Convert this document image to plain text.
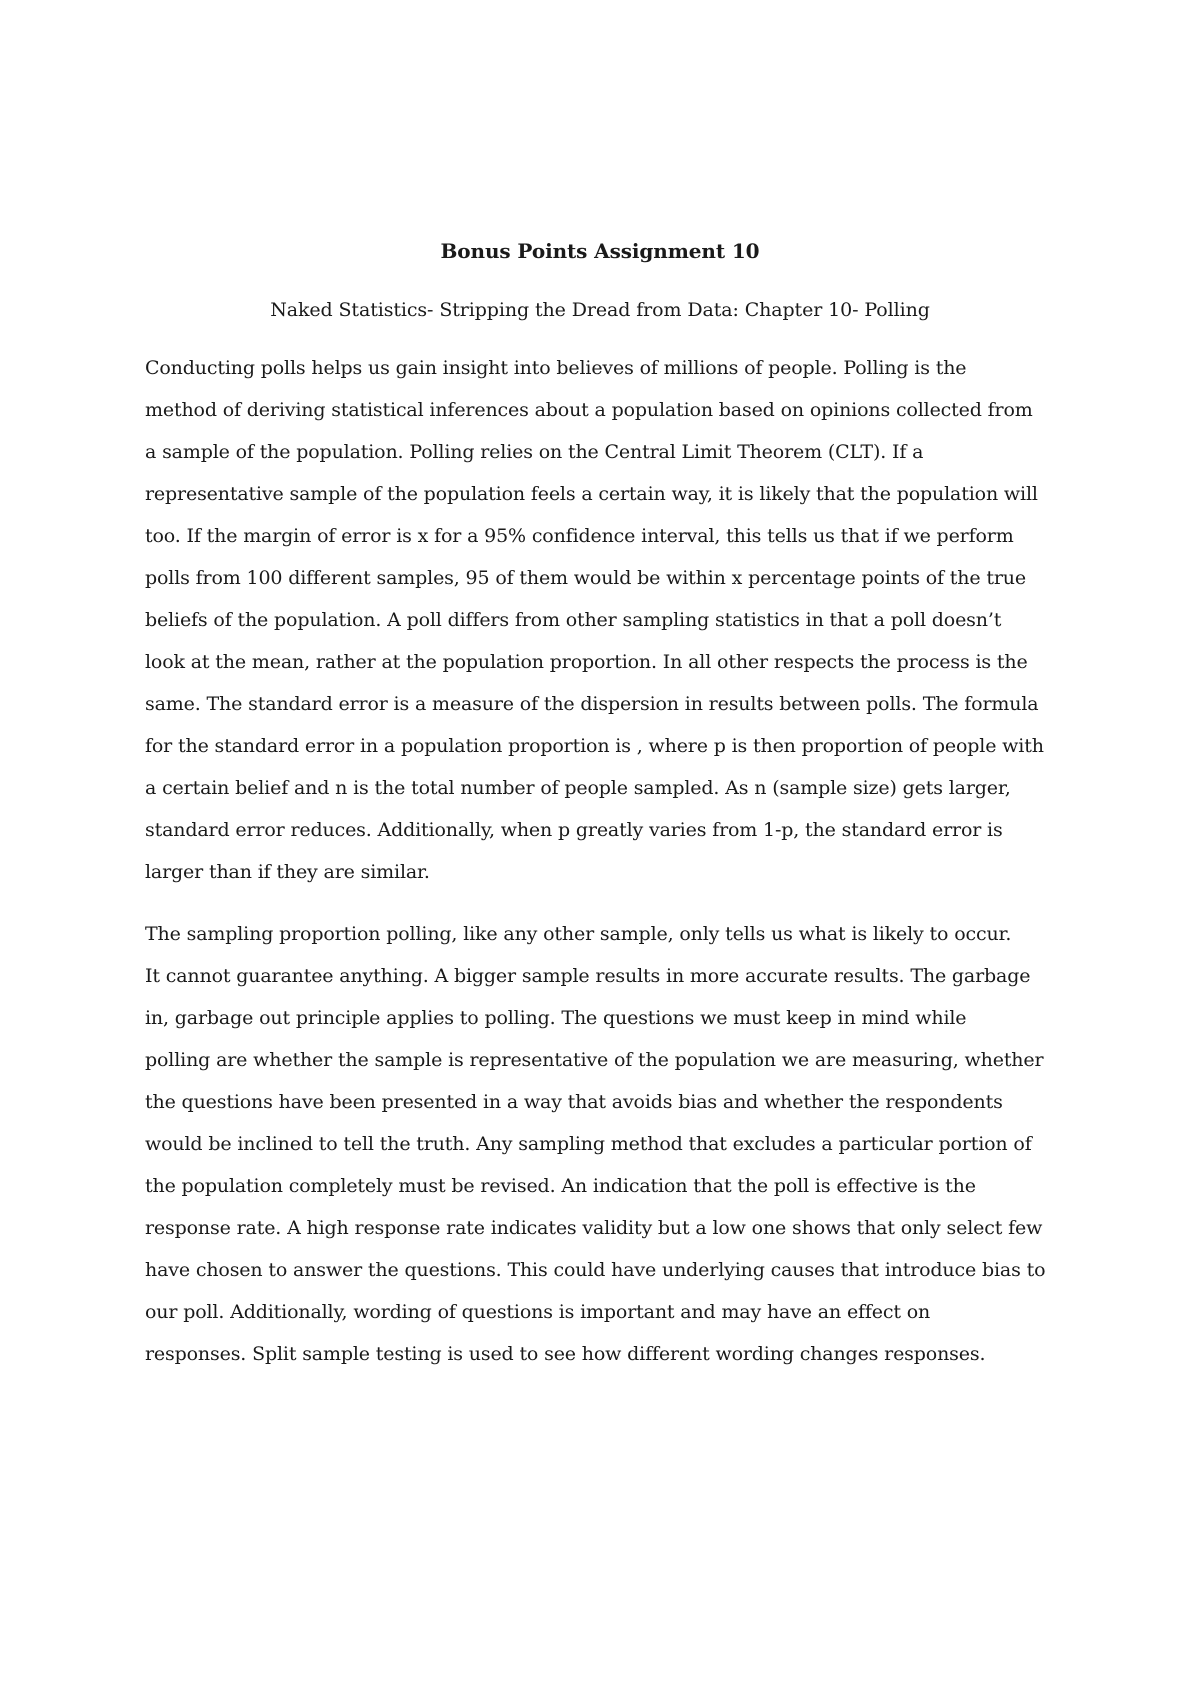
Bonus Points Assignment 10
Naked Statistics- Stripping the Dread from Data: Chapter 10- Polling
Conducting polls helps us gain insight into believes of millions of people. Polling is the
method of deriving statistical inferences about a population based on opinions collected from
a sample of the population. Polling relies on the Central Limit Theorem (CLT). If a
representative sample of the population feels a certain way, it is likely that the population will
too. If the margin of error is x for a 95% confidence interval, this tells us that if we perform
polls from 100 different samples, 95 of them would be within x percentage points of the true
beliefs of the population. A poll differs from other sampling statistics in that a poll doesn’t
look at the mean, rather at the population proportion. In all other respects the process is the
same. The standard error is a measure of the dispersion in results between polls. The formula
for the standard error in a population proportion is , where p is then proportion of people with
a certain belief and n is the total number of people sampled. As n (sample size) gets larger,
standard error reduces. Additionally, when p greatly varies from 1-p, the standard error is
larger than if they are similar.
The sampling proportion polling, like any other sample, only tells us what is likely to occur.
It cannot guarantee anything. A bigger sample results in more accurate results. The garbage
in, garbage out principle applies to polling. The questions we must keep in mind while
polling are whether the sample is representative of the population we are measuring, whether
the questions have been presented in a way that avoids bias and whether the respondents
would be inclined to tell the truth. Any sampling method that excludes a particular portion of
the population completely must be revised. An indication that the poll is effective is the
response rate. A high response rate indicates validity but a low one shows that only select few
have chosen to answer the questions. This could have underlying causes that introduce bias to
our poll. Additionally, wording of questions is important and may have an effect on
responses. Split sample testing is used to see how different wording changes responses.
